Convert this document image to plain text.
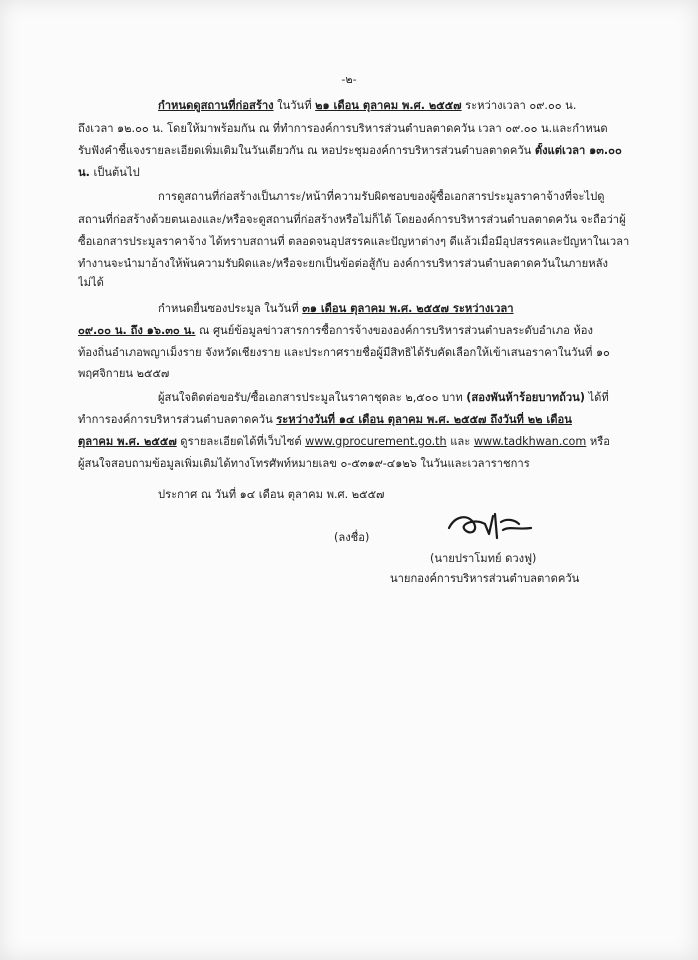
-๒-
กำหนดดูสถานที่ก่อสร้าง ในวันที่ ๒๑ เดือน ตุลาคม พ.ศ. ๒๕๕๗ ระหว่างเวลา ๐๙.๐๐ น.
ถึงเวลา ๑๒.๐๐ น. โดยให้มาพร้อมกัน ณ ที่ทำการองค์การบริหารส่วนตำบลตาดควัน เวลา ๐๙.๐๐ น.และกำหนด
รับฟังคำชี้แจงรายละเอียดเพิ่มเติมในวันเดียวกัน ณ หอประชุมองค์การบริหารส่วนตำบลตาดควัน ตั้งแต่เวลา ๑๓.๐๐
น. เป็นต้นไป
การดูสถานที่ก่อสร้างเป็นภาระ/หน้าที่ความรับผิดชอบของผู้ซื้อเอกสารประมูลราคาจ้างที่จะไปดู
สถานที่ก่อสร้างด้วยตนเองและ/หรือจะดูสถานที่ก่อสร้างหรือไม่ก็ได้ โดยองค์การบริหารส่วนตำบลตาดควัน จะถือว่าผู้
ซื้อเอกสารประมูลราคาจ้าง ได้ทราบสถานที่ ตลอดจนอุปสรรคและปัญหาต่างๆ ดีแล้วเมื่อมีอุปสรรคและปัญหาในเวลา
ทำงานจะนำมาอ้างให้พ้นความรับผิดและ/หรือจะยกเป็นข้อต่อสู้กับ องค์การบริหารส่วนตำบลตาดควันในภายหลัง
ไม่ได้
กำหนดยื่นซองประมูล ในวันที่ ๓๑ เดือน ตุลาคม พ.ศ. ๒๕๕๗ ระหว่างเวลา
๐๙.๐๐ น. ถึง ๑๖.๓๐ น. ณ ศูนย์ข้อมูลข่าวสารการซื้อการจ้างขององค์การบริหารส่วนตำบลระดับอำเภอ ห้อง
ท้องถิ่นอำเภอพญาเม็งราย จังหวัดเชียงราย และประกาศรายชื่อผู้มีสิทธิได้รับคัดเลือกให้เข้าเสนอราคาในวันที่ ๑๐
พฤศจิกายน ๒๕๕๗
ผู้สนใจติดต่อขอรับ/ซื้อเอกสารประมูลในราคาชุดละ ๒,๕๐๐ บาท (สองพันห้าร้อยบาทถ้วน) ได้ที่
ทำการองค์การบริหารส่วนตำบลตาดควัน ระหว่างวันที่ ๑๔ เดือน ตุลาคม พ.ศ. ๒๕๕๗ ถึงวันที่ ๒๒ เดือน
ตุลาคม พ.ศ. ๒๕๕๗ ดูรายละเอียดได้ที่เว็บไซต์ www.gprocurement.go.th และ www.tadkhwan.com หรือ
ผู้สนใจสอบถามข้อมูลเพิ่มเติมได้ทางโทรศัพท์หมายเลข ๐-๕๓๑๙-๔๑๒๖ ในวันและเวลาราชการ
ประกาศ ณ วันที่ ๑๔ เดือน ตุลาคม พ.ศ. ๒๕๕๗
(ลงชื่อ)
(นายปราโมทย์ ดวงฟู)
นายกองค์การบริหารส่วนตำบลตาดควัน
